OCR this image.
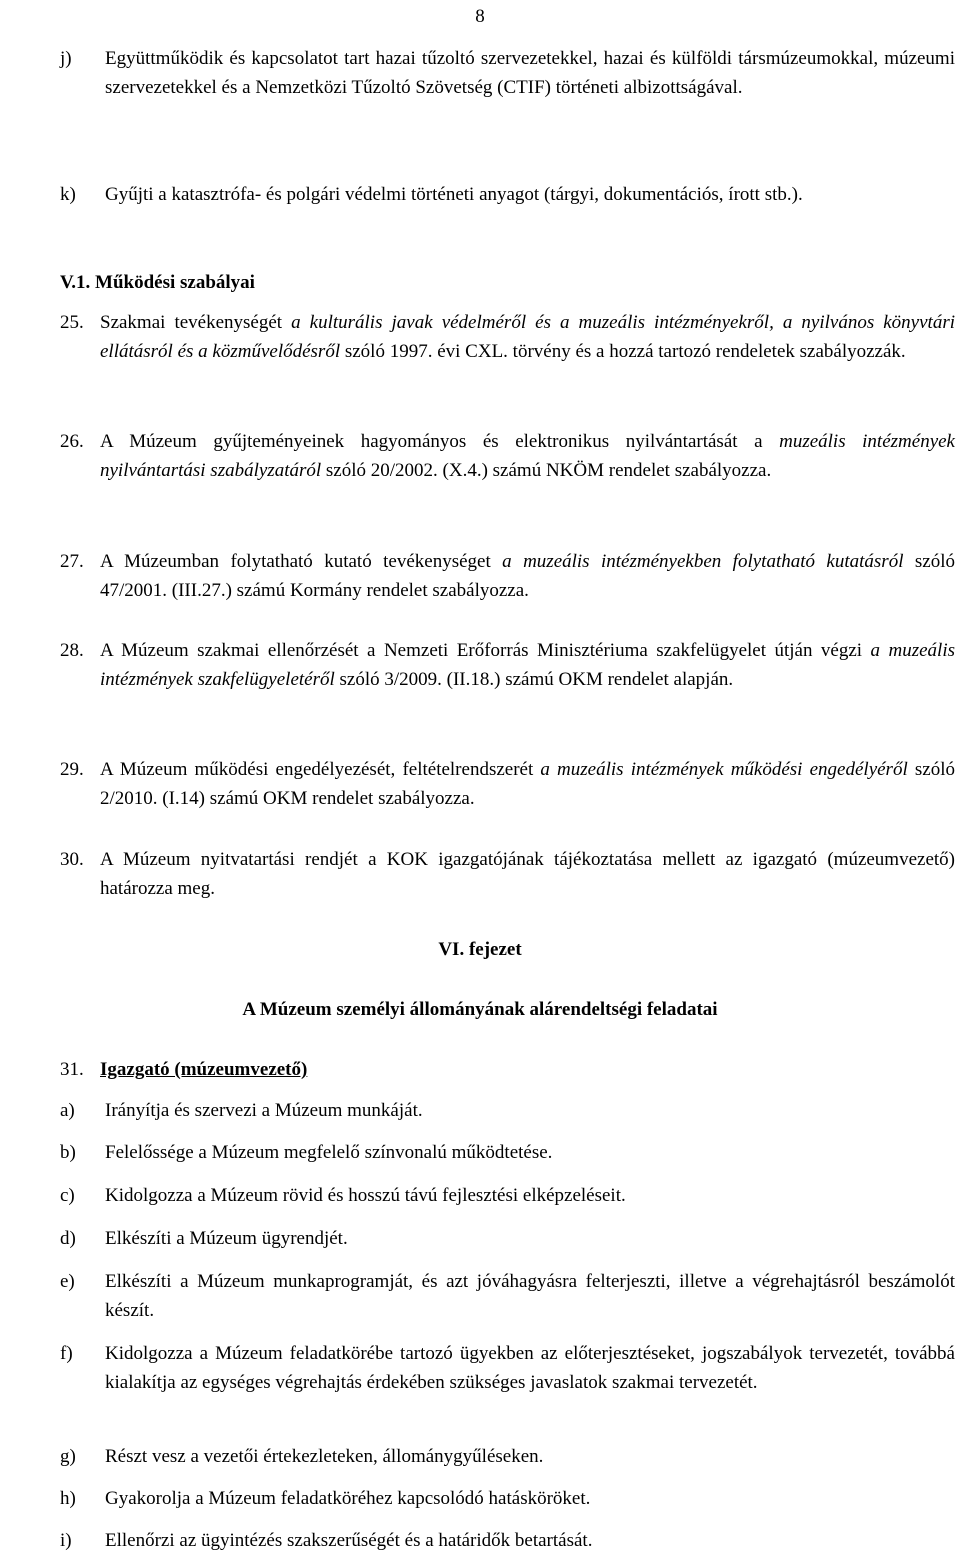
8
j)	Együttműködik és kapcsolatot tart hazai tűzoltó szervezetekkel, hazai és külföldi társmúzeumokkal, múzeumi szervezetekkel és a Nemzetközi Tűzoltó Szövetség (CTIF) történeti albizottságával.
k)	Gyűjti a katasztrófa- és polgári védelmi történeti anyagot (tárgyi, dokumentációs, írott stb.).
V.1. Működési szabályai
25. Szakmai tevékenységét a kulturális javak védelméről és a muzeális intézményekről, a nyilvános könyvtári ellátásról és a közművelődésről szóló 1997. évi CXL. törvény és a hozzá tartozó rendeletek szabályozzák.
26. A Múzeum gyűjteményeinek hagyományos és elektronikus nyilvántartását a muzeális intézmények nyilvántartási szabályzatáról szóló 20/2002. (X.4.) számú NKÖM rendelet szabályozza.
27. A Múzeumban folytatható kutató tevékenységet a muzeális intézményekben folytatható kutatásról szóló 47/2001. (III.27.) számú Kormány rendelet szabályozza.
28. A Múzeum szakmai ellenőrzését a Nemzeti Erőforrás Minisztériuma szakfelügyelet útján végzi a muzeális intézmények szakfelügyeletéről szóló 3/2009. (II.18.) számú OKM rendelet alapján.
29. A Múzeum működési engedélyezését, feltételrendszerét a muzeális intézmények működési engedélyéről szóló 2/2010. (I.14) számú OKM rendelet szabályozza.
30. A Múzeum nyitvatartási rendjét a KOK igazgatójának tájékoztatása mellett az igazgató (múzeumvezető) határozza meg.
VI. fejezet
A Múzeum személyi állományának alárendeltségi feladatai
31. Igazgató (múzeumvezető)
a)	Irányítja és szervezi a Múzeum munkáját.
b)	Felelőssége a Múzeum megfelelő színvonalú működtetése.
c)	Kidolgozza a Múzeum rövid és hosszú távú fejlesztési elképzeléseit.
d)	Elkészíti a Múzeum ügyrendjét.
e)	Elkészíti a Múzeum munkaprogramját, és azt jóváhagyásra felterjeszti, illetve a végrehajtásról beszámolót készít.
f)	Kidolgozza a Múzeum feladatkörébe tartozó ügyekben az előterjesztéseket, jogszabályok tervezetét, továbbá kialakítja az egységes végrehajtás érdekében szükséges javaslatok szakmai tervezetét.
g)	Részt vesz a vezetői értekezleteken, állománygyűléseken.
h)	Gyakorolja a Múzeum feladatköréhez kapcsolódó hatásköröket.
i)	Ellenőrzi az ügyintézés szakszerűségét és a határidők betartását.
